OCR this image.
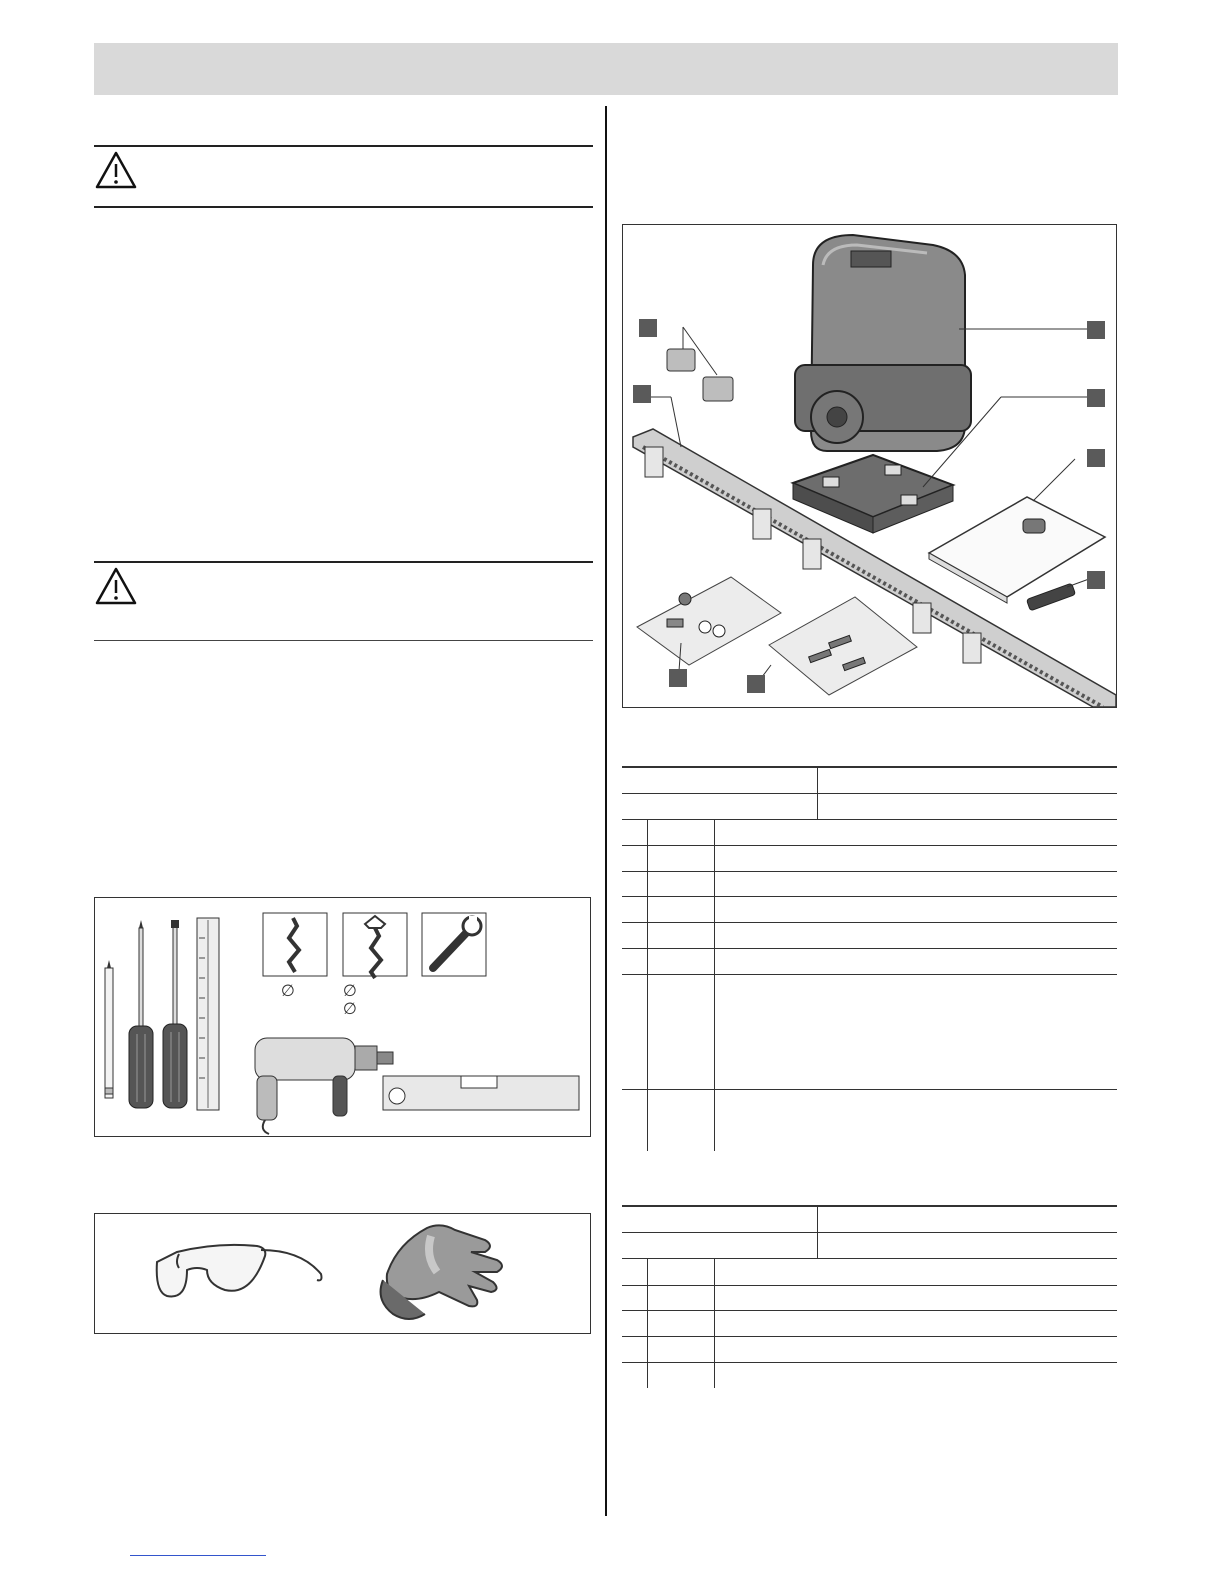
∅	∅
∅
